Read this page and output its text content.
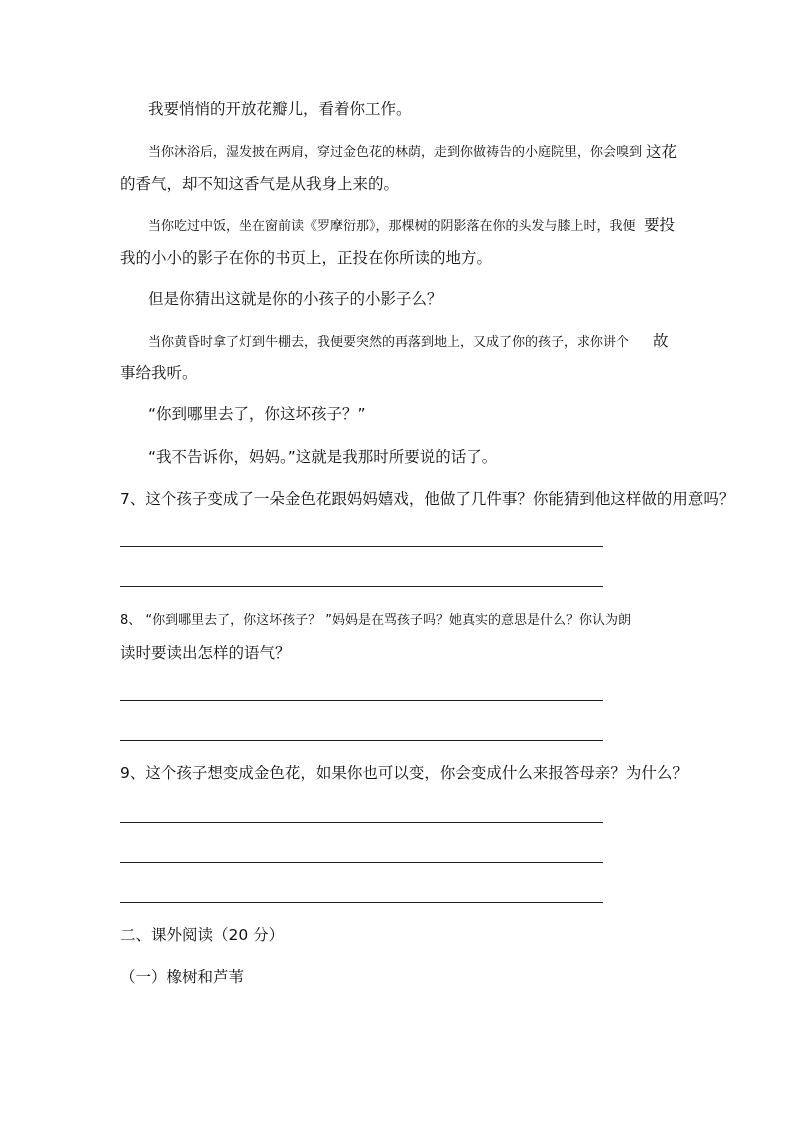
我要悄悄的开放花瓣儿，看着你工作。
当你沐浴后，湿发披在两肩，穿过金色花的林荫，走到你做祷告的小庭院里，你会嗅到 这花
的香气，却不知这香气是从我身上来的。
当你吃过中饭，坐在窗前读《罗摩衍那》，那棵树的阴影落在你的头发与膝上时，我便 要投
我的小小的影子在你的书页上，正投在你所读的地方。
但是你猜出这就是你的小孩子的小影子么？
当你黄昏时拿了灯到牛棚去，我便要突然的再落到地上，又成了你的孩子，求你讲个 故
事给我听。
“你到哪里去了，你这坏孩子？”
“我不告诉你，妈妈。”这就是我那时所要说的话了。
7、这个孩子变成了一朵金色花跟妈妈嬉戏，他做了几件事？你能猜到他这样做的用意吗？
8、 “你到哪里去了，你这坏孩子？ ”妈妈是在骂孩子吗？她真实的意思是什么？你认为朗
读时要读出怎样的语气？
9、这个孩子想变成金色花，如果你也可以变，你会变成什么来报答母亲？为什么？
二、课外阅读（20 分）
（一）橡树和芦苇
